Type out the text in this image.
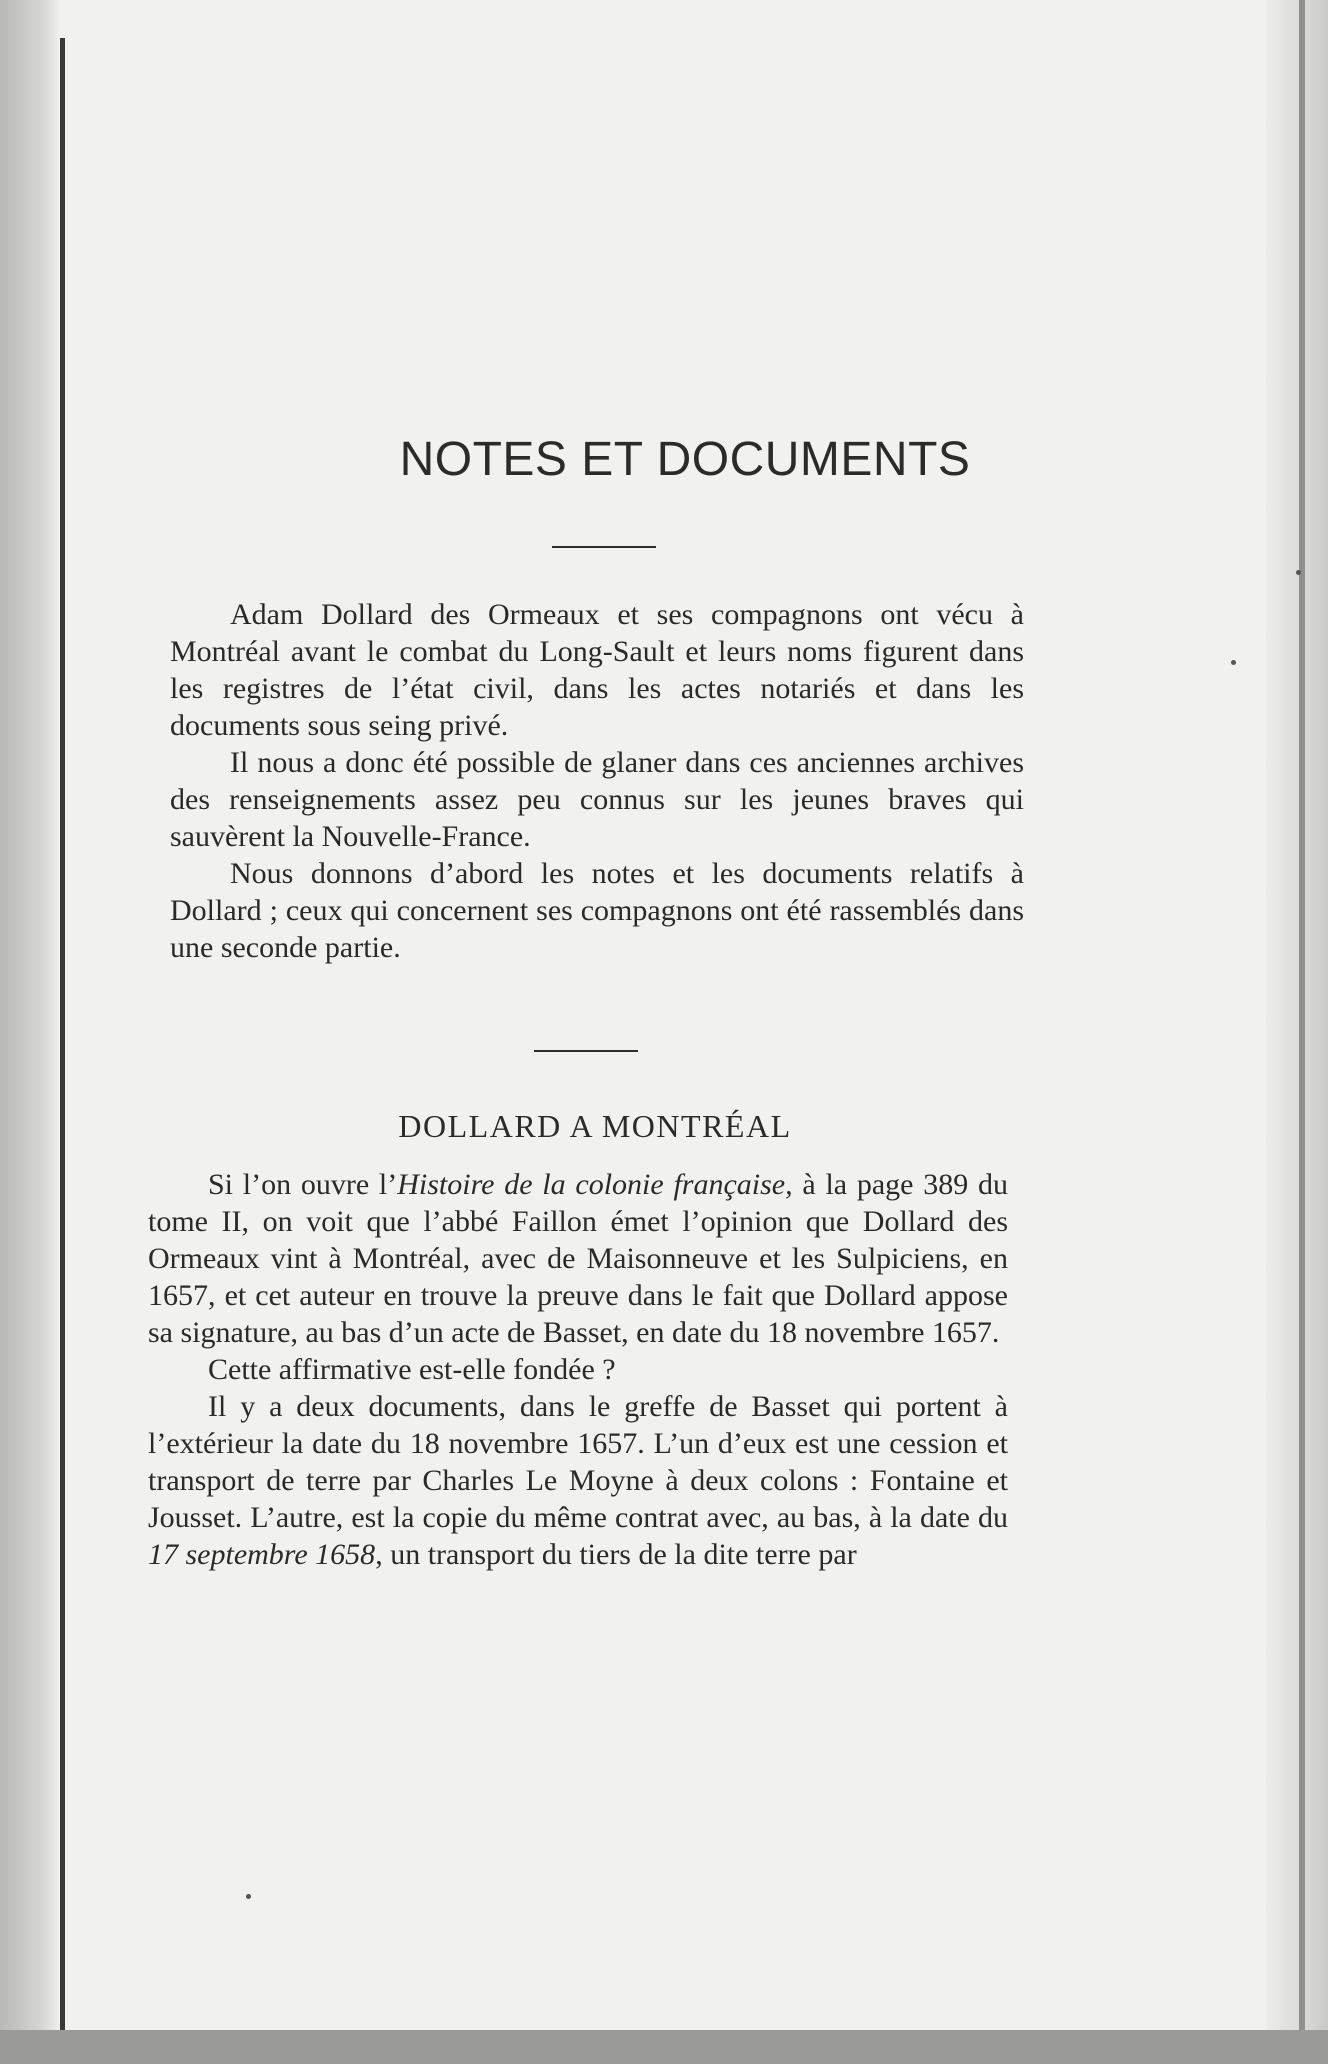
NOTES ET DOCUMENTS

Adam Dollard des Ormeaux et ses compagnons ont vécu à Montréal avant le combat du Long-Sault et leurs noms figurent dans les registres de l’état civil, dans les actes notariés et dans les documents sous seing privé.

Il nous a donc été possible de glaner dans ces anciennes archives des renseignements assez peu connus sur les jeunes braves qui sauvèrent la Nouvelle-France.

Nous donnons d’abord les notes et les documents relatifs à Dollard ; ceux qui concernent ses compagnons ont été rassemblés dans une seconde partie.

DOLLARD A MONTRÉAL

Si l’on ouvre l’Histoire de la colonie française, à la page 389 du tome II, on voit que l’abbé Faillon émet l’opinion que Dollard des Ormeaux vint à Montréal, avec de Maisonneuve et les Sulpiciens, en 1657, et cet auteur en trouve la preuve dans le fait que Dollard appose sa signature, au bas d’un acte de Basset, en date du 18 novembre 1657.

Cette affirmative est-elle fondée ?

Il y a deux documents, dans le greffe de Basset qui portent à l’extérieur la date du 18 novembre 1657. L’un d’eux est une cession et transport de terre par Charles Le Moyne à deux colons : Fontaine et Jousset. L’autre, est la copie du même contrat avec, au bas, à la date du 17 septembre 1658, un transport du tiers de la dite terre par
